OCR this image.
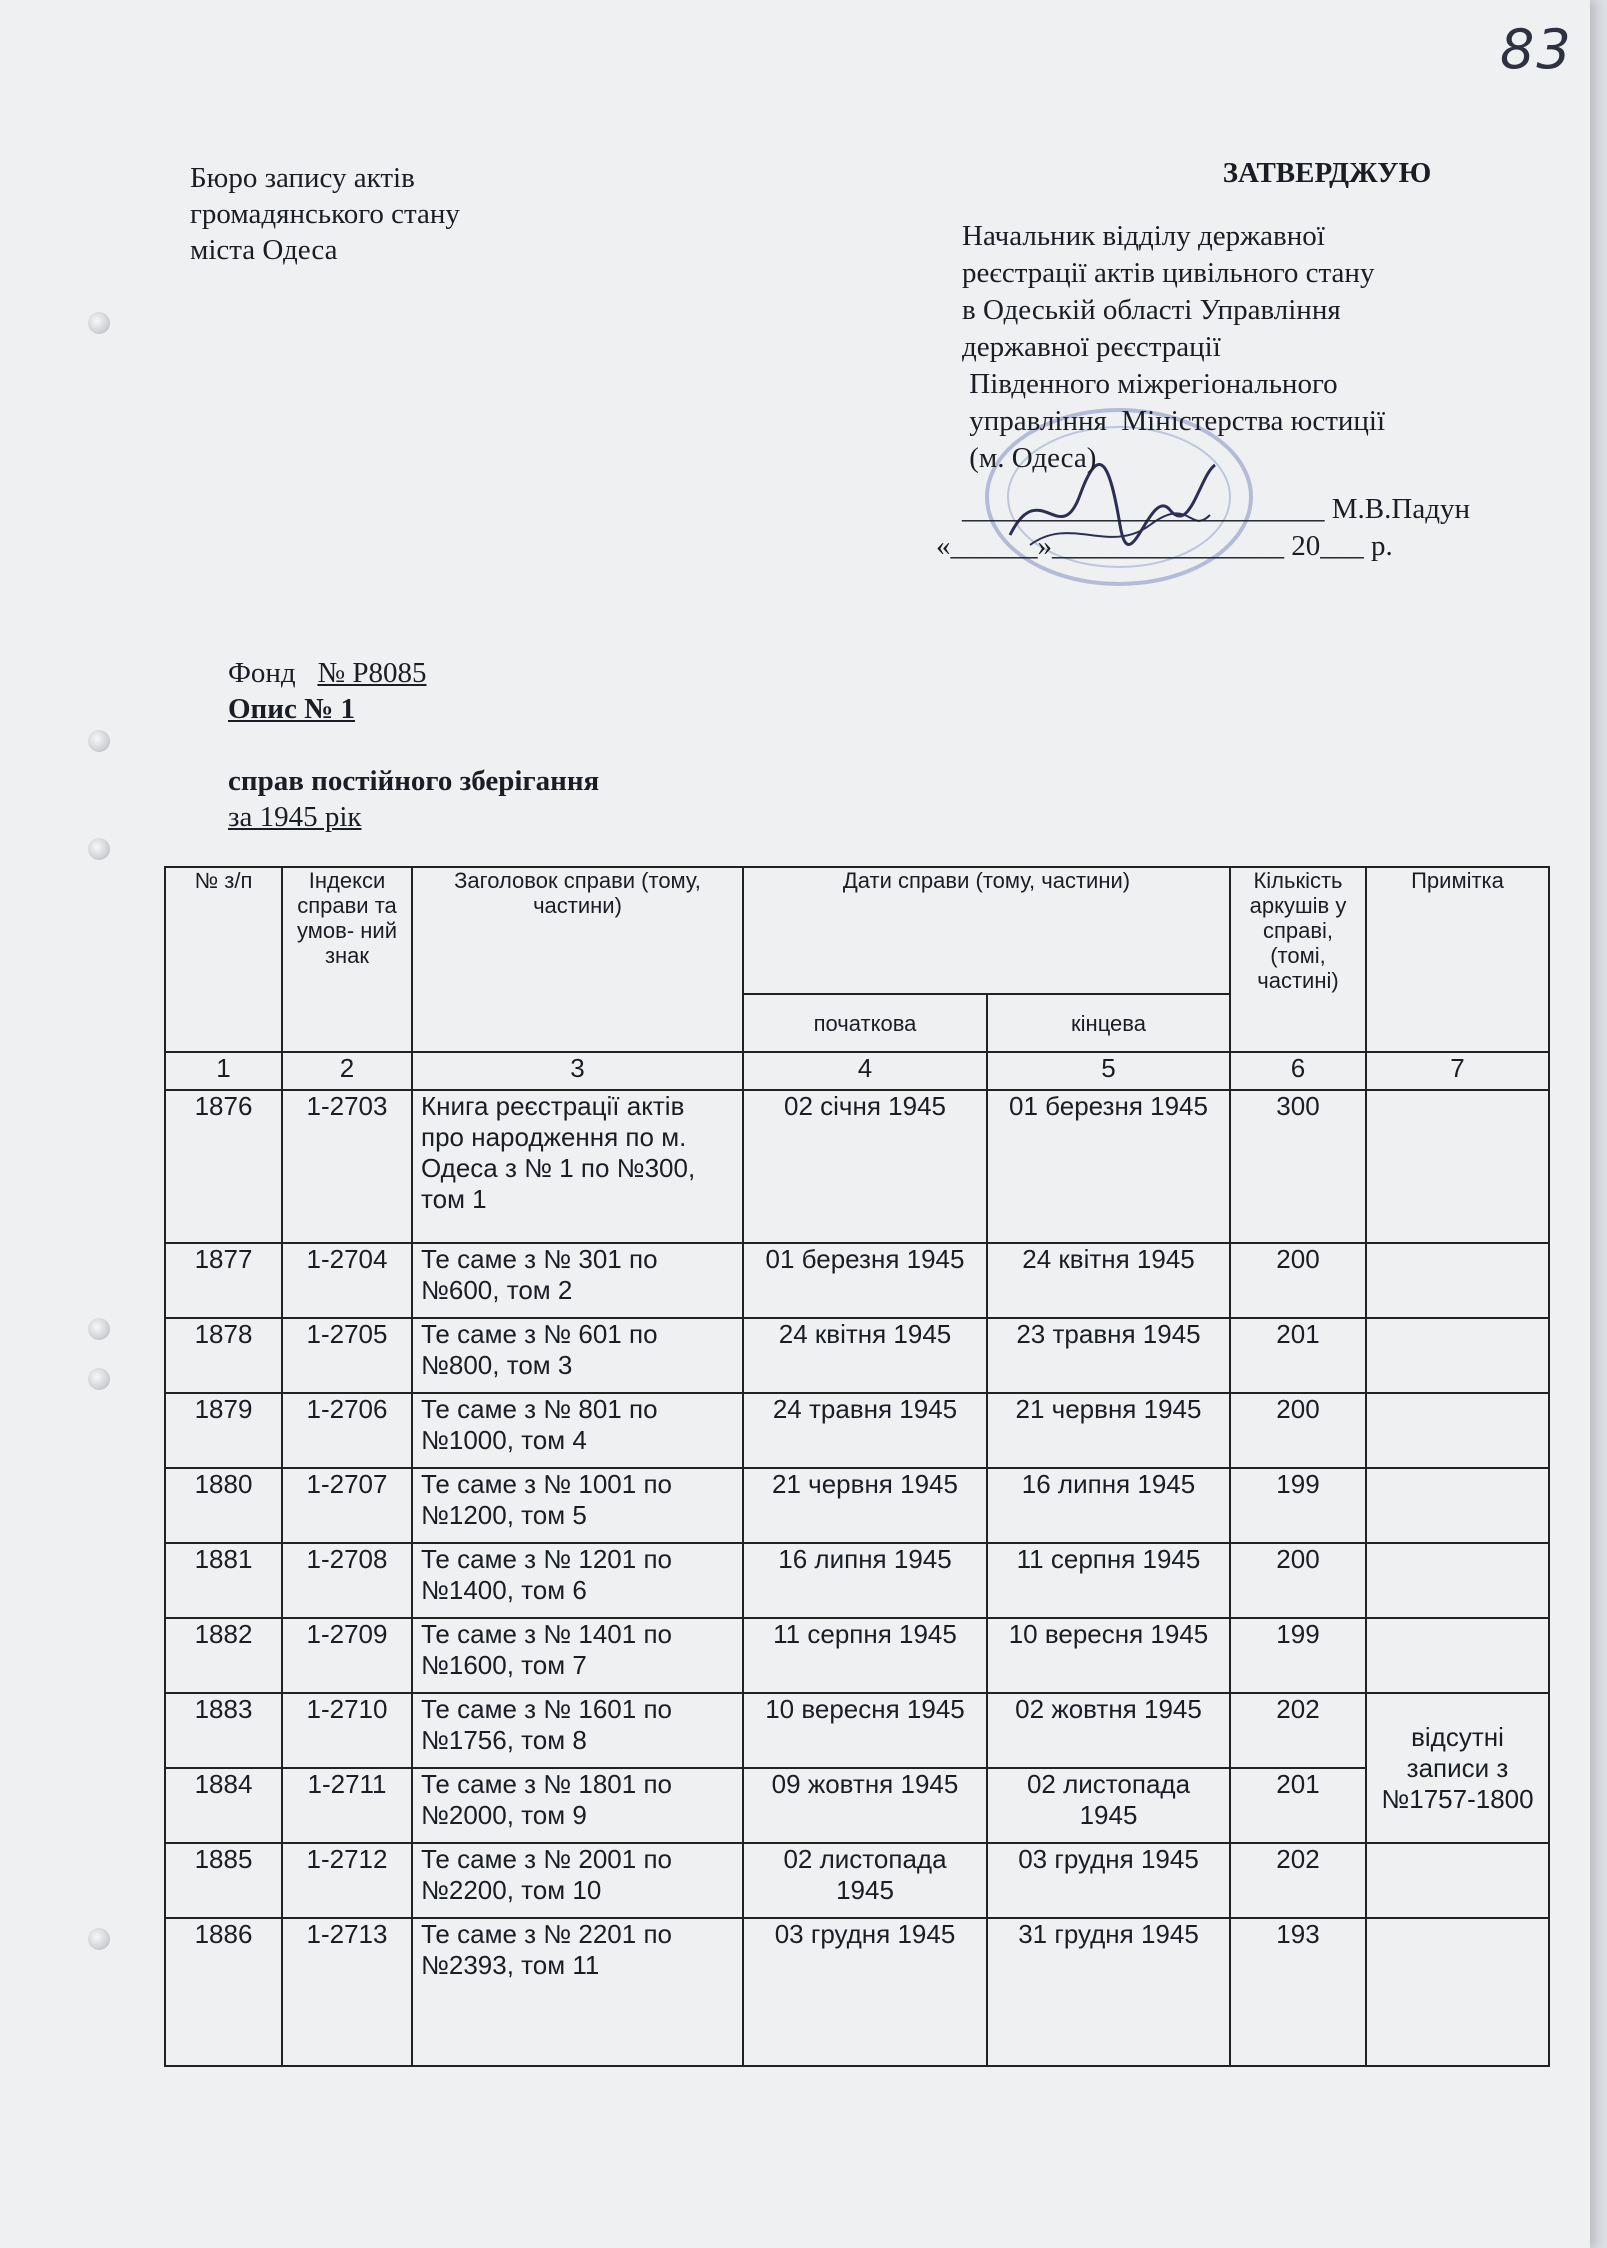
83
Бюро запису актів
громадянського стану
міста Одеса
ЗАТВЕРДЖУЮ
Начальник відділу державної
реєстрації актів цивільного стану
в Одеській області Управління
державної реєстрації
Південного міжрегіонального
управління  Міністерства юстиції
(м. Одеса)
_________________________ М.В.Падун
«______»________________ 20___ р.
Фонд № Р8085
Опис № 1
справ постійного зберігання
за 1945 рік
№ з/п	Індекси справи та умов- ний знак	Заголовок справи (тому, частини)	Дати справи (тому, частини)		Кількість аркушів у справі, (томі, частині)	Примітка
			початкова	кінцева		
1	2	3	4	5	6	7
1876	1-2703	Книга реєстрації актів про народження по м. Одеса з № 1 по №300, том 1	02 січня 1945	01 березня 1945	300	
1877	1-2704	Те саме з № 301 по №600, том 2	01 березня 1945	24 квітня 1945	200	
1878	1-2705	Те саме з № 601 по №800, том 3	24 квітня 1945	23 травня 1945	201	
1879	1-2706	Те саме з № 801 по №1000, том 4	24 травня 1945	21 червня 1945	200	
1880	1-2707	Те саме з № 1001 по №1200, том 5	21 червня 1945	16 липня 1945	199	
1881	1-2708	Те саме з № 1201 по №1400, том 6	16 липня 1945	11 серпня 1945	200	
1882	1-2709	Те саме з № 1401 по №1600, том 7	11 серпня 1945	10 вересня 1945	199	
1883	1-2710	Те саме з № 1601 по №1756, том 8	10 вересня 1945	02 жовтня 1945	202	відсутні записи з №1757-1800
1884	1-2711	Те саме з № 1801 по №2000, том 9	09 жовтня 1945	02 листопада 1945	201	
1885	1-2712	Те саме з № 2001 по №2200, том 10	02 листопада 1945	03 грудня 1945	202	
1886	1-2713	Те саме з № 2201 по №2393, том 11	03 грудня 1945	31 грудня 1945	193	
